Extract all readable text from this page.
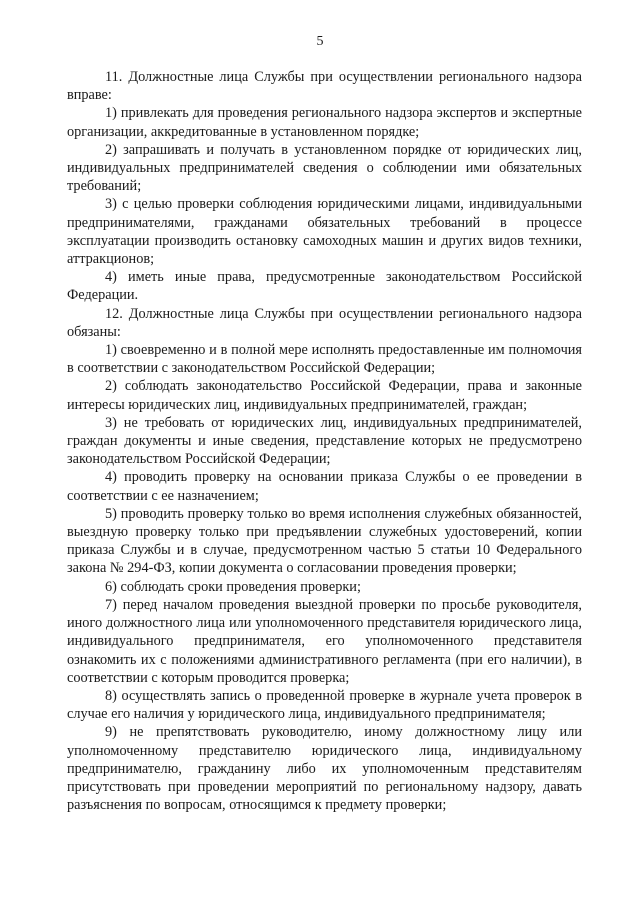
5

11. Должностные лица Службы при осуществлении регионального надзора вправе:

1) привлекать для проведения регионального надзора экспертов и экспертные организации, аккредитованные в установленном порядке;

2) запрашивать и получать в установленном порядке от юридических лиц, индивидуальных предпринимателей сведения о соблюдении ими обязательных требований;

3) с целью проверки соблюдения юридическими лицами, индивидуальными предпринимателями, гражданами обязательных требований в процессе эксплуатации производить остановку самоходных машин и других видов техники, аттракционов;

4) иметь иные права, предусмотренные законодательством Российской Федерации.

12. Должностные лица Службы при осуществлении регионального надзора обязаны:

1) своевременно и в полной мере исполнять предоставленные им полномочия в соответствии с законодательством Российской Федерации;

2) соблюдать законодательство Российской Федерации, права и законные интересы юридических лиц, индивидуальных предпринимателей, граждан;

3) не требовать от юридических лиц, индивидуальных предпринимателей, граждан документы и иные сведения, представление которых не предусмотрено законодательством Российской Федерации;

4) проводить проверку на основании приказа Службы о ее проведении в соответствии с ее назначением;

5) проводить проверку только во время исполнения служебных обязанностей, выездную проверку только при предъявлении служебных удостоверений, копии приказа Службы и в случае, предусмотренном частью 5 статьи 10 Федерального закона № 294-ФЗ, копии документа о согласовании проведения проверки;

6) соблюдать сроки проведения проверки;

7) перед началом проведения выездной проверки по просьбе руководителя, иного должностного лица или уполномоченного представителя юридического лица, индивидуального предпринимателя, его уполномоченного представителя ознакомить их с положениями административного регламента (при его наличии), в соответствии с которым проводится проверка;

8) осуществлять запись о проведенной проверке в журнале учета проверок в случае его наличия у юридического лица, индивидуального предпринимателя;

9) не препятствовать руководителю, иному должностному лицу или уполномоченному представителю юридического лица, индивидуальному предпринимателю, гражданину либо их уполномоченным представителям присутствовать при проведении мероприятий по региональному надзору, давать разъяснения по вопросам, относящимся к предмету проверки;
